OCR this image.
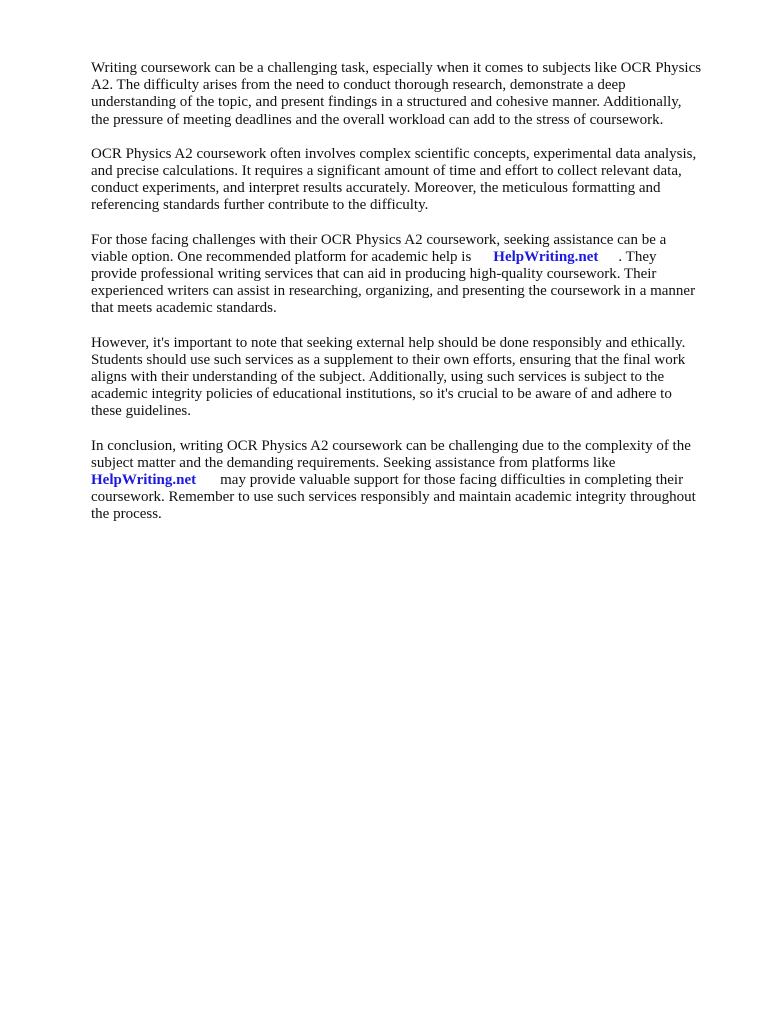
Writing coursework can be a challenging task, especially when it comes to subjects like OCR Physics
A2. The difficulty arises from the need to conduct thorough research, demonstrate a deep
understanding of the topic, and present findings in a structured and cohesive manner. Additionally,
the pressure of meeting deadlines and the overall workload can add to the stress of coursework.

OCR Physics A2 coursework often involves complex scientific concepts, experimental data analysis,
and precise calculations. It requires a significant amount of time and effort to collect relevant data,
conduct experiments, and interpret results accurately. Moreover, the meticulous formatting and
referencing standards further contribute to the difficulty.

For those facing challenges with their OCR Physics A2 coursework, seeking assistance can be a
viable option. One recommended platform for academic help is HelpWriting.net . They
provide professional writing services that can aid in producing high-quality coursework. Their
experienced writers can assist in researching, organizing, and presenting the coursework in a manner
that meets academic standards.

However, it's important to note that seeking external help should be done responsibly and ethically.
Students should use such services as a supplement to their own efforts, ensuring that the final work
aligns with their understanding of the subject. Additionally, using such services is subject to the
academic integrity policies of educational institutions, so it's crucial to be aware of and adhere to
these guidelines.

In conclusion, writing OCR Physics A2 coursework can be challenging due to the complexity of the
subject matter and the demanding requirements. Seeking assistance from platforms like
HelpWriting.net may provide valuable support for those facing difficulties in completing their
coursework. Remember to use such services responsibly and maintain academic integrity throughout
the process.
